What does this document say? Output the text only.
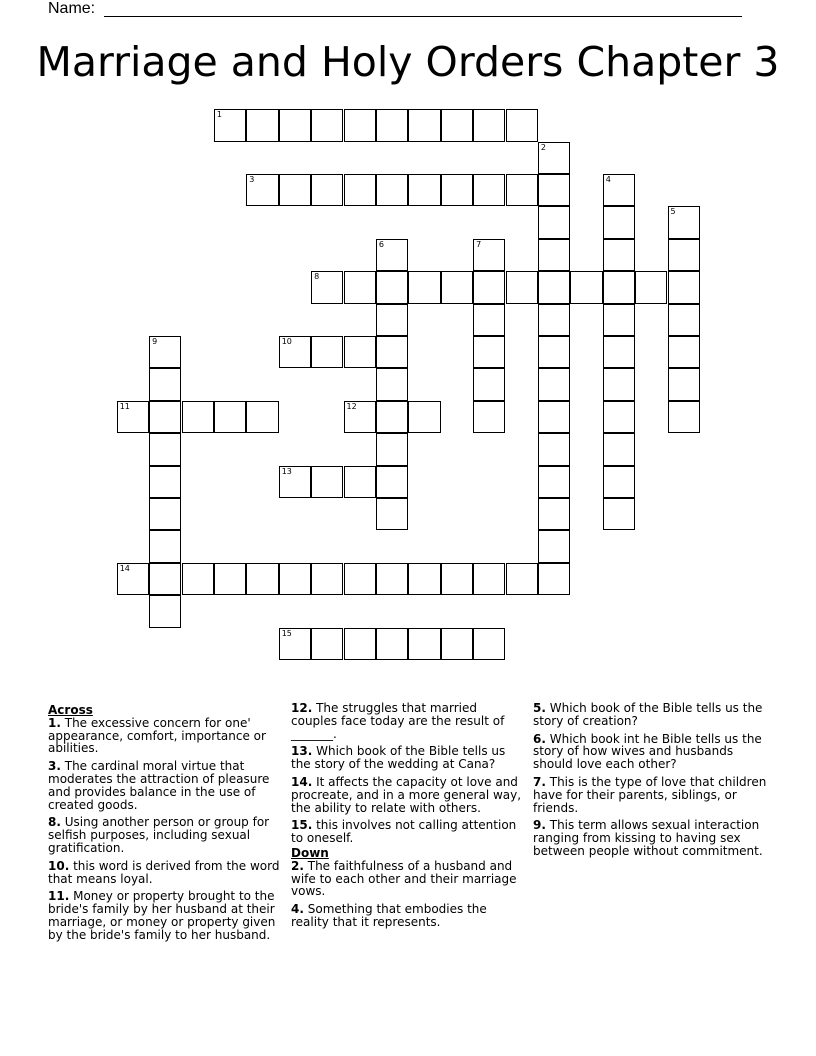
Name:
Marriage and Holy Orders Chapter 3
1
2
3	4
5
6	7
8
9	10
11	12
13
14
15
Across
1. The excessive concern for one' appearance, comfort, importance or abilities.
3. The cardinal moral virtue that moderates the attraction of pleasure and provides balance in the use of created goods.
8. Using another person or group for selfish purposes, including sexual gratification.
10. this word is derived from the word that means loyal.
11. Money or property brought to the bride's family by her husband at their marriage, or money or property given by the bride's family to her husband.
12. The struggles that married couples face today are the result of _______.
13. Which book of the Bible tells us the story of the wedding at Cana?
14. It affects the capacity ot love and procreate, and in a more general way, the ability to relate with others.
15. this involves not calling attention to oneself.
Down
2. The faithfulness of a husband and wife to each other and their marriage vows.
4. Something that embodies the reality that it represents.
5. Which book of the Bible tells us the story of creation?
6. Which book int he Bible tells us the story of how wives and husbands should love each other?
7. This is the type of love that children have for their parents, siblings, or friends.
9. This term allows sexual interaction ranging from kissing to having sex between people without commitment.
